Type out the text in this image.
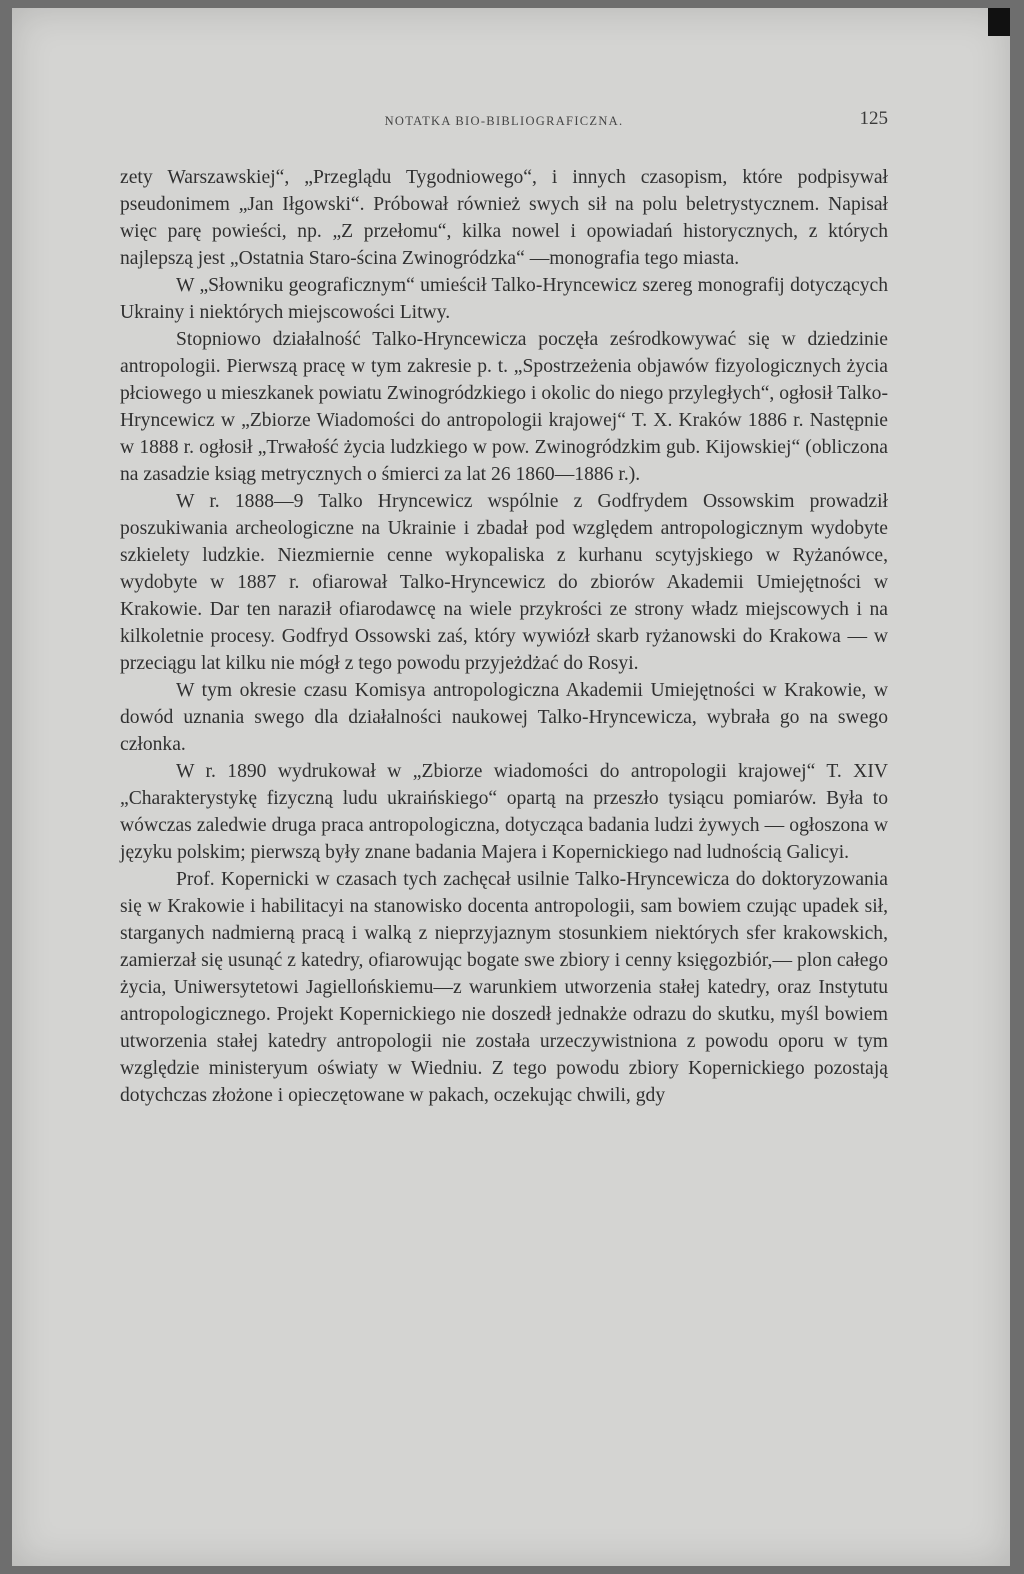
NOTATKA BIO-BIBLIOGRAFICZNA.	125

zety Warszawskiej“, „Przeglądu Tygodniowego“, i innych czasopism, które podpisywał pseudonimem „Jan Iłgowski“. Próbował również swych sił na polu beletrystycznem. Napisał więc parę powieści, np. „Z przełomu“, kilka nowel i opowiadań historycznych, z których najlepszą jest „Ostatnia Staro-ścina Zwinogródzka“ —monografia tego miasta.

W „Słowniku geograficznym“ umieścił Talko-Hryncewicz szereg monografij dotyczących Ukrainy i niektórych miejscowości Litwy.

Stopniowo działalność Talko-Hryncewicza poczęła ześrodkowywać się w dziedzinie antropologii. Pierwszą pracę w tym zakresie p. t. „Spostrzeżenia objawów fizyologicznych życia płciowego u mieszkanek powiatu Zwinogródzkiego i okolic do niego przyległych“, ogłosił Talko-Hryncewicz w „Zbiorze Wiadomości do antropologii krajowej“ T. X. Kraków 1886 r. Następnie w 1888 r. ogłosił „Trwałość życia ludzkiego w pow. Zwinogródzkim gub. Kijowskiej“ (obliczona na zasadzie ksiąg metrycznych o śmierci za lat 26 1860—1886 r.).

W r. 1888—9 Talko Hryncewicz wspólnie z Godfrydem Ossowskim prowadził poszukiwania archeologiczne na Ukrainie i zbadał pod względem antropologicznym wydobyte szkielety ludzkie. Niezmiernie cenne wykopaliska z kurhanu scytyjskiego w Ryżanówce, wydobyte w 1887 r. ofiarował Talko-Hryncewicz do zbiorów Akademii Umiejętności w Krakowie. Dar ten naraził ofiarodawcę na wiele przykrości ze strony władz miejscowych i na kilkoletnie procesy. Godfryd Ossowski zaś, który wywiózł skarb ryżanowski do Krakowa — w przeciągu lat kilku nie mógł z tego powodu przyjeżdżać do Rosyi.

W tym okresie czasu Komisya antropologiczna Akademii Umiejętności w Krakowie, w dowód uznania swego dla działalności naukowej Talko-Hryncewicza, wybrała go na swego członka.

W r. 1890 wydrukował w „Zbiorze wiadomości do antropologii krajowej“ T. XIV „Charakterystykę fizyczną ludu ukraińskiego“ opartą na przeszło tysiącu pomiarów. Była to wówczas zaledwie druga praca antropologiczna, dotycząca badania ludzi żywych — ogłoszona w języku polskim; pierwszą były znane badania Majera i Kopernickiego nad ludnością Galicyi.

Prof. Kopernicki w czasach tych zachęcał usilnie Talko-Hryncewicza do doktoryzowania się w Krakowie i habilitacyi na stanowisko docenta antropologii, sam bowiem czując upadek sił, starganych nadmierną pracą i walką z nieprzyjaznym stosunkiem niektórych sfer krakowskich, zamierzał się usunąć z katedry, ofiarowując bogate swe zbiory i cenny księgozbiór,— plon całego życia, Uniwersytetowi Jagiellońskiemu—z warunkiem utworzenia stałej katedry, oraz Instytutu antropologicznego. Projekt Kopernickiego nie doszedł jednakże odrazu do skutku, myśl bowiem utworzenia stałej katedry antropologii nie została urzeczywistniona z powodu oporu w tym względzie ministeryum oświaty w Wiedniu. Z tego powodu zbiory Kopernickiego pozostają dotychczas złożone i opieczętowane w pakach, oczekując chwili, gdy
